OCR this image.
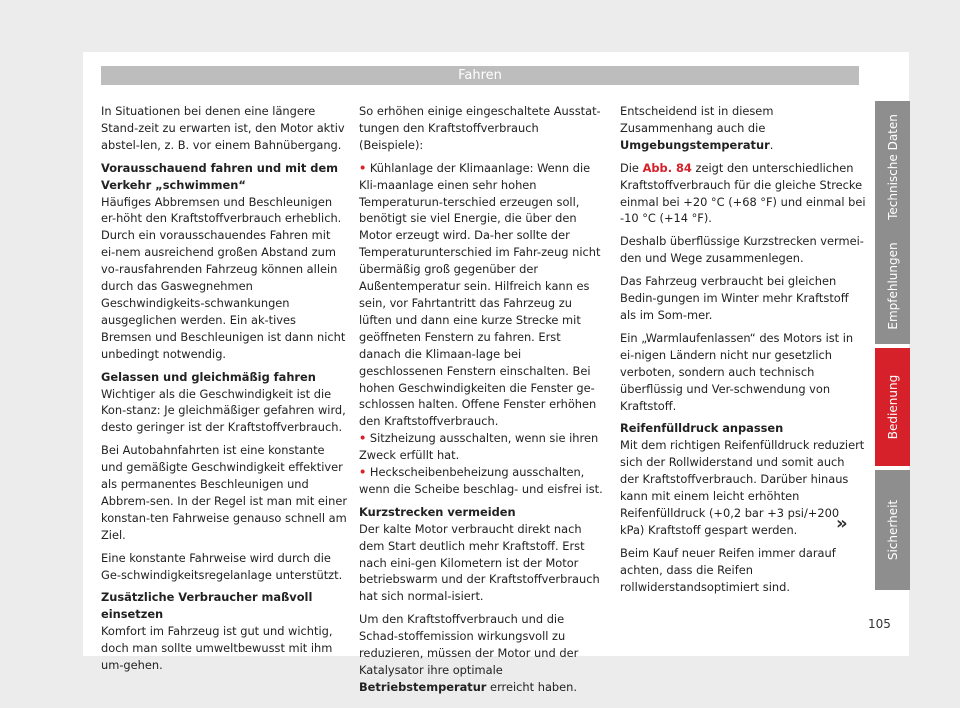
Fahren

In Situationen bei denen eine längere Stand-zeit zu erwarten ist, den Motor aktiv abstel-len, z. B. vor einem Bahnübergang.

Vorausschauend fahren und mit dem Verkehr „schwimmen“

Häufiges Abbremsen und Beschleunigen er-höht den Kraftstoffverbrauch erheblich. Durch ein vorausschauendes Fahren mit ei-nem ausreichend großen Abstand zum vo-rausfahrenden Fahrzeug können allein durch das Gaswegnehmen Geschwindigkeits-schwankungen ausgeglichen werden. Ein ak-tives Bremsen und Beschleunigen ist dann nicht unbedingt notwendig.

Gelassen und gleichmäßig fahren

Wichtiger als die Geschwindigkeit ist die Kon-stanz: Je gleichmäßiger gefahren wird, desto geringer ist der Kraftstoffverbrauch.

Bei Autobahnfahrten ist eine konstante und gemäßigte Geschwindigkeit effektiver als permanentes Beschleunigen und Abbrem-sen. In der Regel ist man mit einer konstan-ten Fahrweise genauso schnell am Ziel.

Eine konstante Fahrweise wird durch die Ge-schwindigkeitsregelanlage unterstützt.

Zusätzliche Verbraucher maßvoll einsetzen

Komfort im Fahrzeug ist gut und wichtig, doch man sollte umweltbewusst mit ihm um-gehen.

So erhöhen einige eingeschaltete Ausstat-tungen den Kraftstoffverbrauch (Beispiele):

• Kühlanlage der Klimaanlage: Wenn die Kli-maanlage einen sehr hohen Temperaturun-terschied erzeugen soll, benötigt sie viel Energie, die über den Motor erzeugt wird. Da-her sollte der Temperaturunterschied im Fahr-zeug nicht übermäßig groß gegenüber der Außentemperatur sein. Hilfreich kann es sein, vor Fahrtantritt das Fahrzeug zu lüften und dann eine kurze Strecke mit geöffneten Fenstern zu fahren. Erst danach die Klimaan-lage bei geschlossenen Fenstern einschalten. Bei hohen Geschwindigkeiten die Fenster ge-schlossen halten. Offene Fenster erhöhen den Kraftstoffverbrauch.

• Sitzheizung ausschalten, wenn sie ihren Zweck erfüllt hat.

• Heckscheibenbeheizung ausschalten, wenn die Scheibe beschlag- und eisfrei ist.

Kurzstrecken vermeiden

Der kalte Motor verbraucht direkt nach dem Start deutlich mehr Kraftstoff. Erst nach eini-gen Kilometern ist der Motor betriebswarm und der Kraftstoffverbrauch hat sich normal-isiert.

Um den Kraftstoffverbrauch und die Schad-stoffemission wirkungsvoll zu reduzieren, müssen der Motor und der Katalysator ihre optimale Betriebstemperatur erreicht haben.

Entscheidend ist in diesem Zusammenhang auch die Umgebungstemperatur.

Die Abb. 84 zeigt den unterschiedlichen Kraftstoffverbrauch für die gleiche Strecke einmal bei +20 °C (+68 °F) und einmal bei -10 °C (+14 °F).

Deshalb überflüssige Kurzstrecken vermei-den und Wege zusammenlegen.

Das Fahrzeug verbraucht bei gleichen Bedin-gungen im Winter mehr Kraftstoff als im Som-mer.

Ein „Warmlaufenlassen“ des Motors ist in ei-nigen Ländern nicht nur gesetzlich verboten, sondern auch technisch überflüssig und Ver-schwendung von Kraftstoff.

Reifenfülldruck anpassen

Mit dem richtigen Reifenfülldruck reduziert sich der Rollwiderstand und somit auch der Kraftstoffverbrauch. Darüber hinaus kann mit einem leicht erhöhten Reifenfülldruck (+0,2 bar +3 psi/+200 kPa) Kraftstoff gespart werden.

Beim Kauf neuer Reifen immer darauf achten, dass die Reifen rollwiderstandsoptimiert sind.

»
Technische Daten
Empfehlungen
Bedienung
Sicherheit
105
